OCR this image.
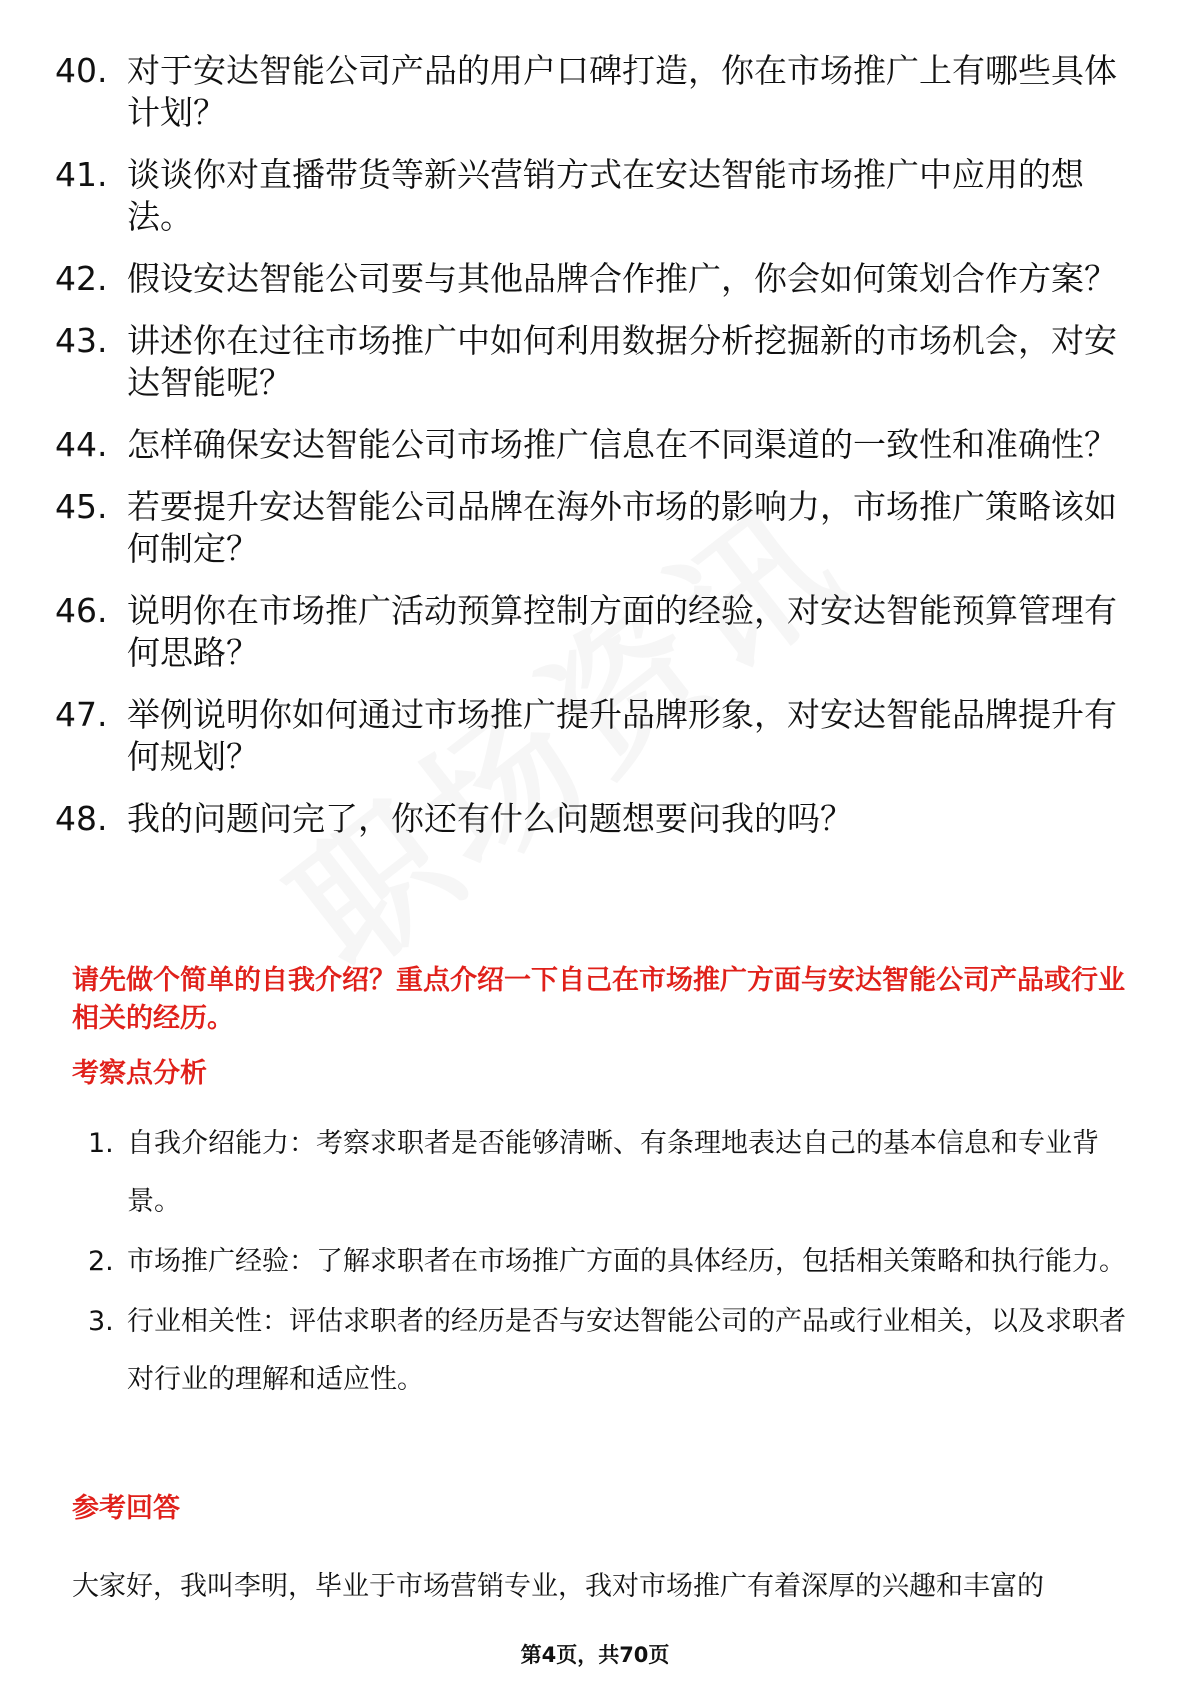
40. 对于安达智能公司产品的用户口碑打造，你在市场推广上有哪些具体计划？
41. 谈谈你对直播带货等新兴营销方式在安达智能市场推广中应用的想法。
42. 假设安达智能公司要与其他品牌合作推广，你会如何策划合作方案？
43. 讲述你在过往市场推广中如何利用数据分析挖掘新的市场机会，对安达智能呢？
44. 怎样确保安达智能公司市场推广信息在不同渠道的一致性和准确性？
45. 若要提升安达智能公司品牌在海外市场的影响力，市场推广策略该如何制定？
46. 说明你在市场推广活动预算控制方面的经验，对安达智能预算管理有何思路？
47. 举例说明你如何通过市场推广提升品牌形象，对安达智能品牌提升有何规划？
48. 我的问题问完了，你还有什么问题想要问我的吗？
请先做个简单的自我介绍？重点介绍一下自己在市场推广方面与安达智能公司产品或行业相关的经历。
考察点分析
1. 自我介绍能力：考察求职者是否能够清晰、有条理地表达自己的基本信息和专业背景。
2. 市场推广经验：了解求职者在市场推广方面的具体经历，包括相关策略和执行能力。
3. 行业相关性：评估求职者的经历是否与安达智能公司的产品或行业相关，以及求职者对行业的理解和适应性。
参考回答
大家好，我叫李明，毕业于市场营销专业，我对市场推广有着深厚的兴趣和丰富的
第4页，共70页
